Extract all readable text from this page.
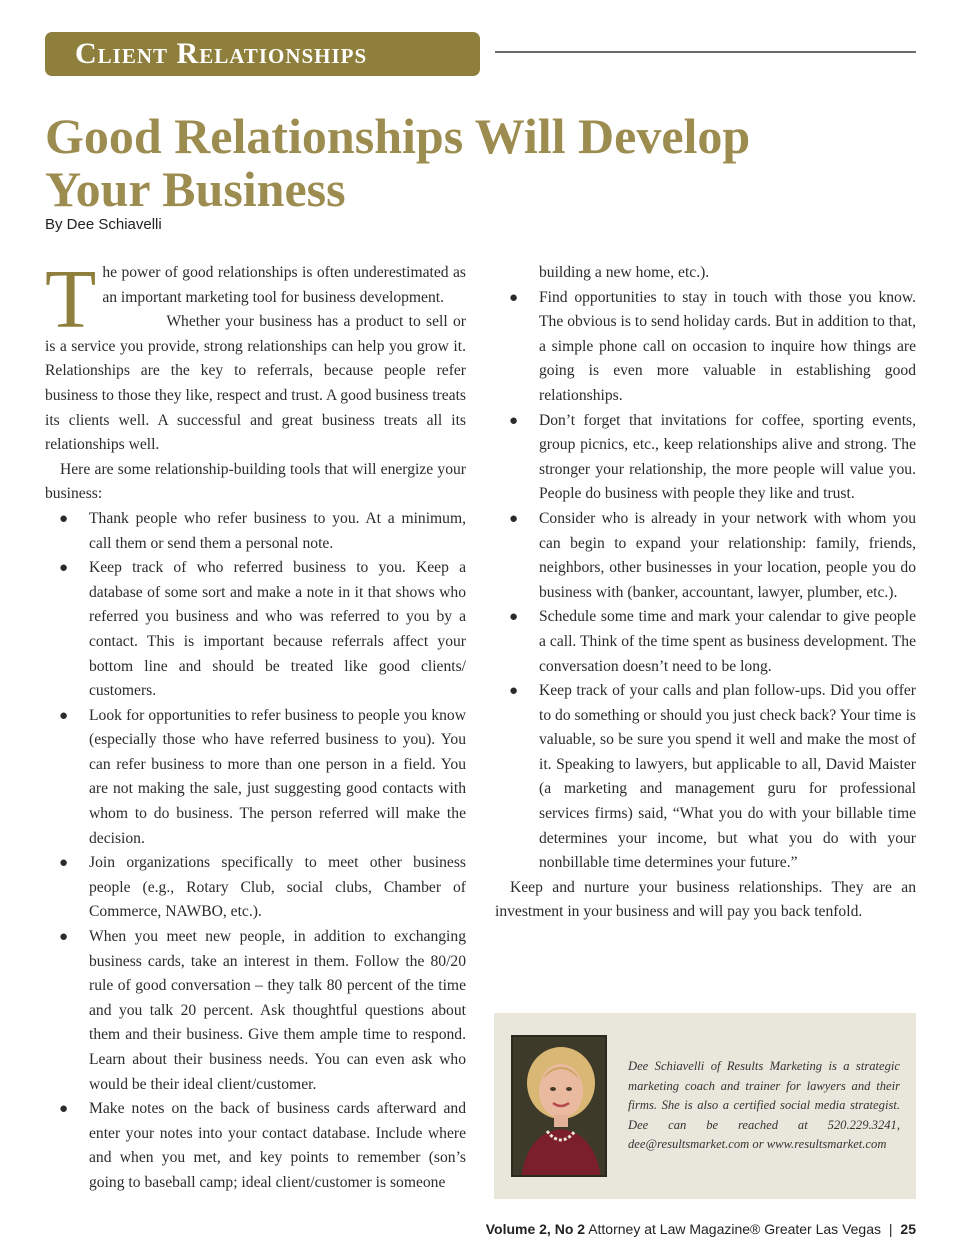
Client Relationships
Good Relationships Will Develop
Your Business
By Dee Schiavelli

The power of good relationships is often underestimated as an important marketing tool for business development.

Whether your business has a product to sell or is a service you provide, strong relationships can help you grow it. Relationships are the key to referrals, because people refer business to those they like, respect and trust. A good business treats its clients well. A successful and great business treats all its relationships well.

Here are some relationship-building tools that will energize your business:

● Thank people who refer business to you. At a minimum, call them or send them a personal note.
● Keep track of who referred business to you. Keep a database of some sort and make a note in it that shows who referred you business and who was referred to you by a contact. This is important because referrals affect your bottom line and should be treated like good clients/ customers.
● Look for opportunities to refer business to people you know (especially those who have referred business to you). You can refer business to more than one person in a field. You are not making the sale, just suggesting good contacts with whom to do business. The person referred will make the decision.
● Join organizations specifically to meet other business people (e.g., Rotary Club, social clubs, Chamber of Commerce, NAWBO, etc.).
● When you meet new people, in addition to exchanging business cards, take an interest in them. Follow the 80/20 rule of good conversation – they talk 80 percent of the time and you talk 20 percent. Ask thoughtful questions about them and their business. Give them ample time to respond. Learn about their business needs. You can even ask who would be their ideal client/customer.
● Make notes on the back of business cards afterward and enter your notes into your contact database. Include where and when you met, and key points to remember (son’s going to baseball camp; ideal client/customer is someone

building a new home, etc.).

● Find opportunities to stay in touch with those you know. The obvious is to send holiday cards. But in addition to that, a simple phone call on occasion to inquire how things are going is even more valuable in establishing good relationships.
● Don’t forget that invitations for coffee, sporting events, group picnics, etc., keep relationships alive and strong. The stronger your relationship, the more people will value you. People do business with people they like and trust.
● Consider who is already in your network with whom you can begin to expand your relationship: family, friends, neighbors, other businesses in your location, people you do business with (banker, accountant, lawyer, plumber, etc.).
● Schedule some time and mark your calendar to give people a call. Think of the time spent as business development. The conversation doesn’t need to be long.
● Keep track of your calls and plan follow-ups. Did you offer to do something or should you just check back? Your time is valuable, so be sure you spend it well and make the most of it. Speaking to lawyers, but applicable to all, David Maister (a marketing and management guru for professional services firms) said, “What you do with your billable time determines your income, but what you do with your nonbillable time determines your future.”

Keep and nurture your business relationships. They are an investment in your business and will pay you back tenfold.

Dee Schiavelli of Results Marketing is a strategic marketing coach and trainer for lawyers and their firms. She is also a certified social media strategist. Dee can be reached at 520.229.3241, dee@resultsmarket.com or www.resultsmarket.com

Volume 2, No 2 Attorney at Law Magazine® Greater Las Vegas | 25
